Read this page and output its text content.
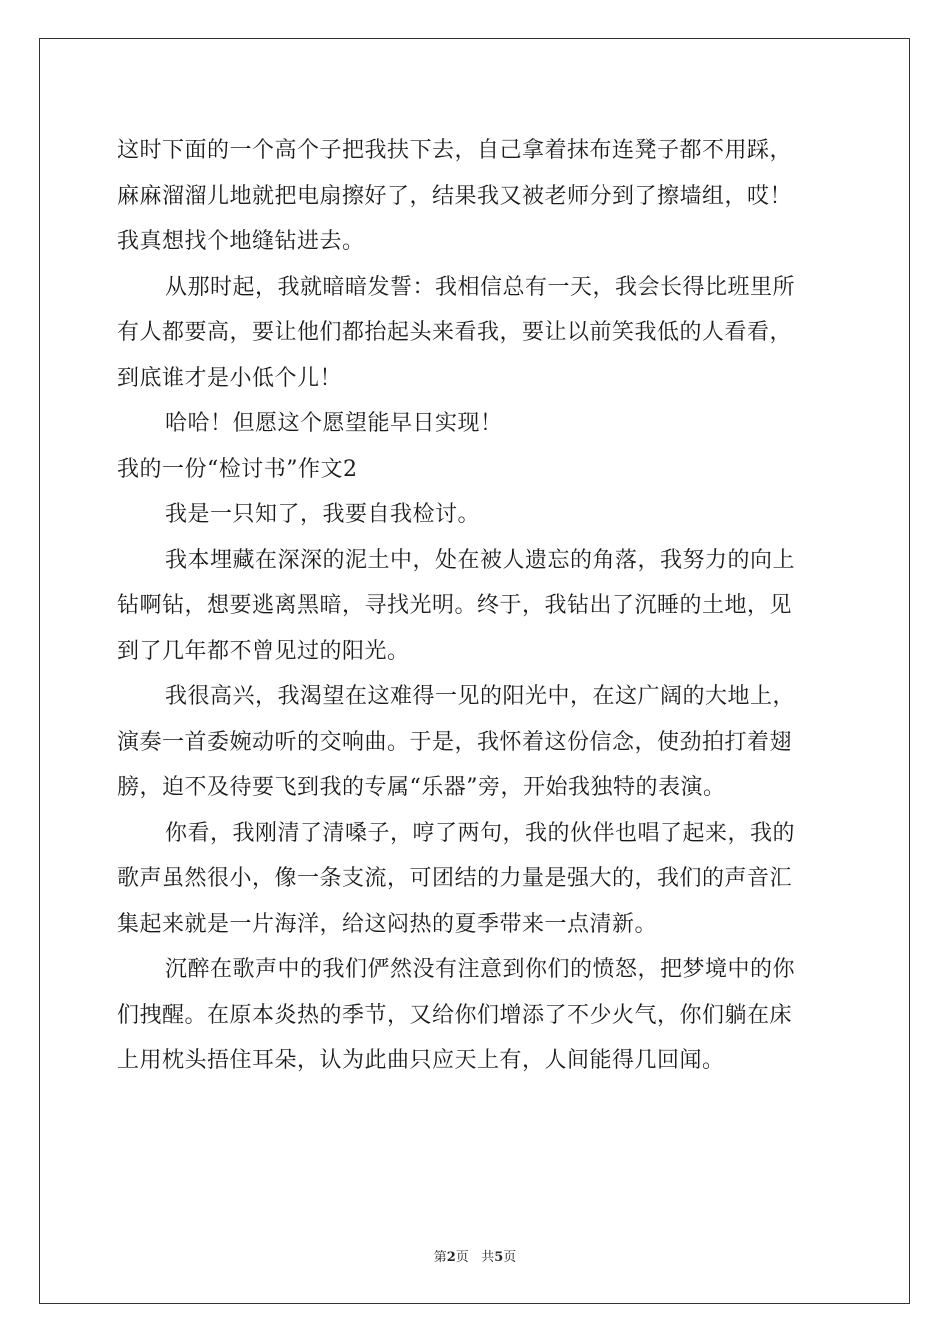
这时下面的一个高个子把我扶下去，自己拿着抹布连凳子都不用踩，
麻麻溜溜儿地就把电扇擦好了，结果我又被老师分到了擦墙组，哎！
我真想找个地缝钻进去。
从那时起，我就暗暗发誓：我相信总有一天，我会长得比班里所
有人都要高，要让他们都抬起头来看我，要让以前笑我低的人看看，
到底谁才是小低个儿！
哈哈！但愿这个愿望能早日实现！
我的一份“检讨书”作文2
我是一只知了，我要自我检讨。
我本埋藏在深深的泥土中，处在被人遗忘的角落，我努力的向上
钻啊钻，想要逃离黑暗，寻找光明。终于，我钻出了沉睡的土地，见
到了几年都不曾见过的阳光。
我很高兴，我渴望在这难得一见的阳光中，在这广阔的大地上，
演奏一首委婉动听的交响曲。于是，我怀着这份信念，使劲拍打着翅
膀，迫不及待要飞到我的专属“乐器”旁，开始我独特的表演。
你看，我刚清了清嗓子，哼了两句，我的伙伴也唱了起来，我的
歌声虽然很小，像一条支流，可团结的力量是强大的，我们的声音汇
集起来就是一片海洋，给这闷热的夏季带来一点清新。
沉醉在歌声中的我们俨然没有注意到你们的愤怒，把梦境中的你
们拽醒。在原本炎热的季节，又给你们增添了不少火气，你们躺在床
上用枕头捂住耳朵，认为此曲只应天上有，人间能得几回闻。
第2页 共5页
